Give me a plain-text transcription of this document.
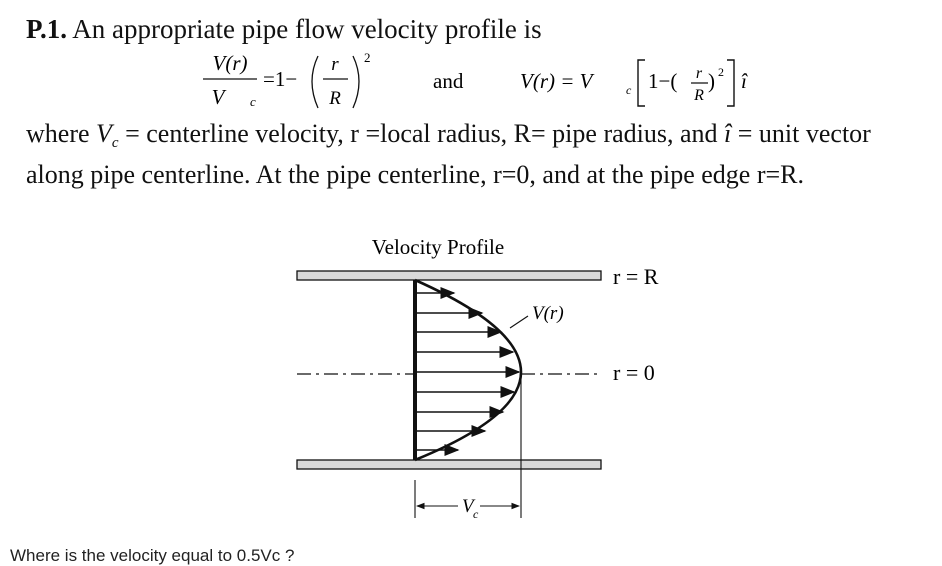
P.1. An appropriate pipe flow velocity profile is
V(r)
V c
=1−
r
R
2
and	V(r) = V	c 1−( r
R
) 2 î
where $V_c$ = centerline velocity, r =local radius, R= pipe radius, and î = unit vector along pipe centerline. At the pipe centerline, r=0, and at the pipe edge r=R.
Velocity Profile
r = R
r = 0
V(r)
V c
Where is the velocity equal to 0.5Vc ?
